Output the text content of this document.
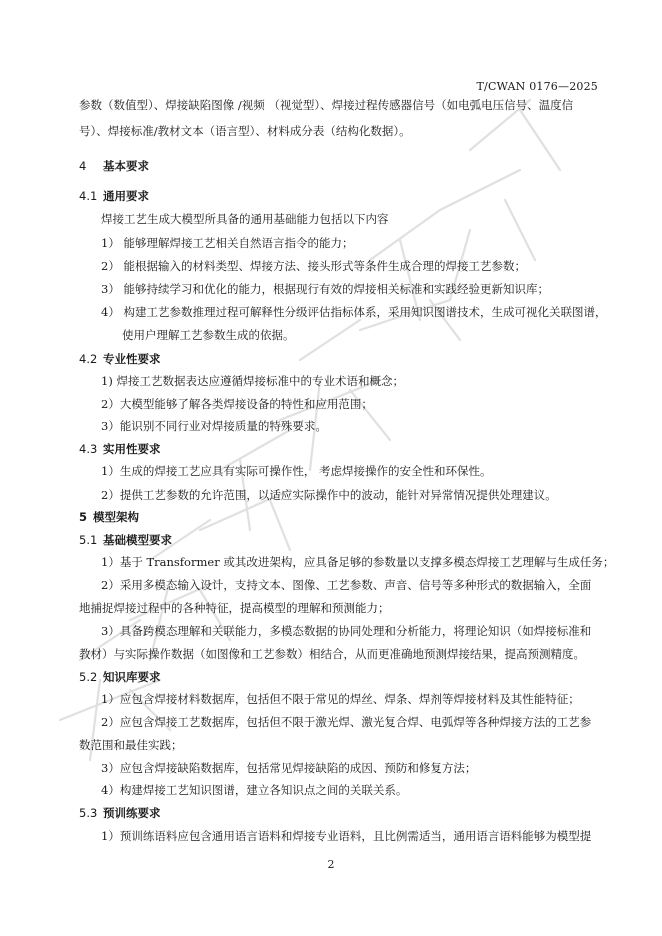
T/CWAN 0176—2025
参数（数值型）、焊接缺陷图像 /视频 （视觉型）、焊接过程传感器信号（如电弧电压信号、温度信
号）、焊接标准/教材文本（语言型）、材料成分表（结构化数据）。
4 基本要求
4.1 通用要求
焊接工艺生成大模型所具备的通用基础能力包括以下内容
1） 能够理解焊接工艺相关自然语言指令的能力；
2） 能根据输入的材料类型、焊接方法、接头形式等条件生成合理的焊接工艺参数；
3） 能够持续学习和优化的能力，根据现行有效的焊接相关标准和实践经验更新知识库；
4） 构建工艺参数推理过程可解释性分级评估指标体系，采用知识图谱技术，生成可视化关联图谱，
使用户理解工艺参数生成的依据。
4.2 专业性要求
1) 焊接工艺数据表达应遵循焊接标准中的专业术语和概念；
2）大模型能够了解各类焊接设备的特性和应用范围；
3）能识别不同行业对焊接质量的特殊要求。
4.3 实用性要求
1）生成的焊接工艺应具有实际可操作性， 考虑焊接操作的安全性和环保性。
2）提供工艺参数的允许范围，以适应实际操作中的波动，能针对异常情况提供处理建议。
5 模型架构
5.1 基础模型要求
1）基于 Transformer 或其改进架构，应具备足够的参数量以支撑多模态焊接工艺理解与生成任务；
2）采用多模态输入设计，支持文本、图像、工艺参数、声音、信号等多种形式的数据输入，全面
地捕捉焊接过程中的各种特征，提高模型的理解和预测能力；
3）具备跨模态理解和关联能力，多模态数据的协同处理和分析能力，将理论知识（如焊接标准和
教材）与实际操作数据（如图像和工艺参数）相结合，从而更准确地预测焊接结果，提高预测精度。
5.2 知识库要求
1）应包含焊接材料数据库，包括但不限于常见的焊丝、焊条、焊剂等焊接材料及其性能特征；
2）应包含焊接工艺数据库，包括但不限于激光焊、激光复合焊、电弧焊等各种焊接方法的工艺参
数范围和最佳实践；
3）应包含焊接缺陷数据库，包括常见焊接缺陷的成因、预防和修复方法；
4）构建焊接工艺知识图谱，建立各知识点之间的关联关系。
5.3 预训练要求
1）预训练语料应包含通用语言语料和焊接专业语料，且比例需适当，通用语言语料能够为模型提
2
